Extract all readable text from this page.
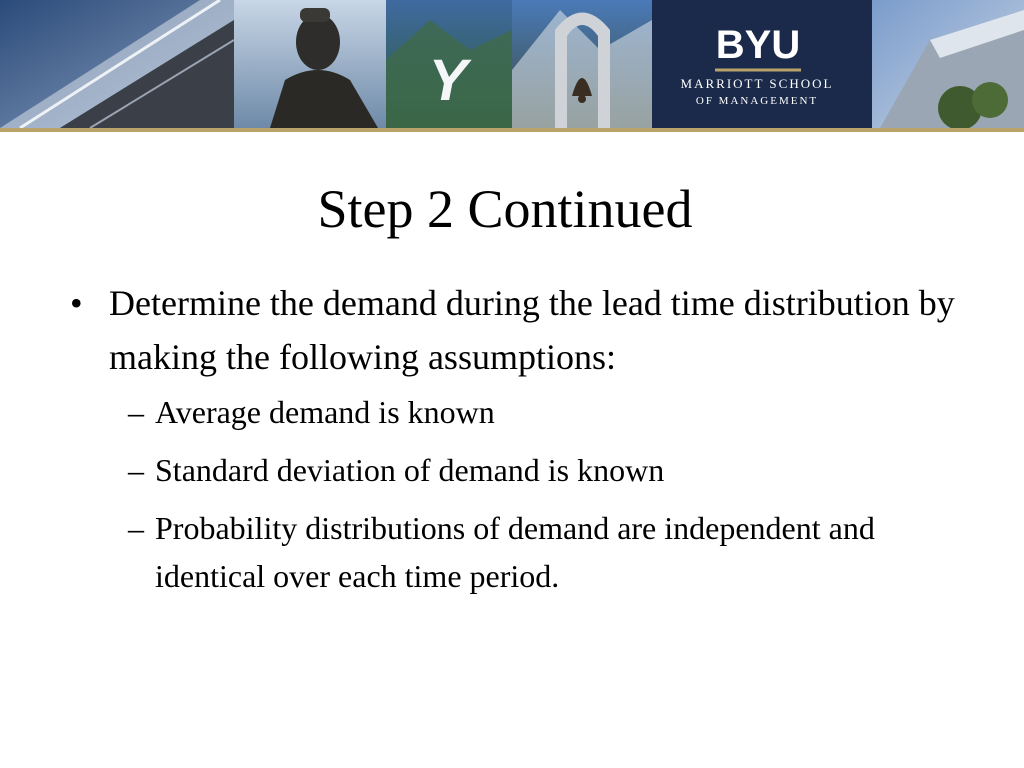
Y
BYU
MARRIOTT SCHOOL
OF MANAGEMENT
Step 2 Continued
• Determine the demand during the lead time distribution by making the following assumptions:
– Average demand is known
– Standard deviation of demand is known
– Probability distributions of demand are independent and identical over each time period.
